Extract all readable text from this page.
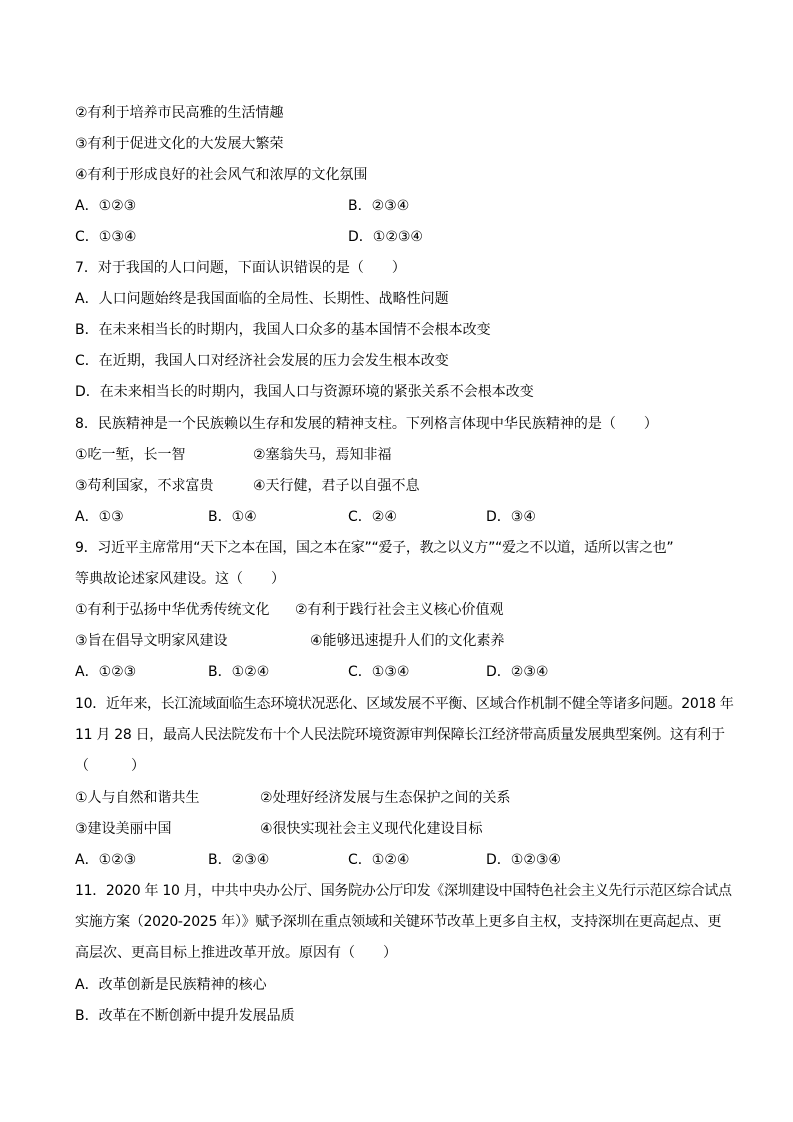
②有利于培养市民高雅的生活情趣
③有利于促进文化的大发展大繁荣
④有利于形成良好的社会风气和浓厚的文化氛围
A．①②③	B．②③④
C．①③④	D．①②③④
7．对于我国的人口问题，下面认识错误的是（　　）
A．人口问题始终是我国面临的全局性、长期性、战略性问题
B．在未来相当长的时期内，我国人口众多的基本国情不会根本改变
C．在近期，我国人口对经济社会发展的压力会发生根本改变
D．在未来相当长的时期内，我国人口与资源环境的紧张关系不会根本改变
8．民族精神是一个民族赖以生存和发展的精神支柱。下列格言体现中华民族精神的是（　　）
①吃一堑，长一智	②塞翁失马，焉知非福
③苟利国家，不求富贵	④天行健，君子以自强不息
A．①③	B．①④	C．②④	D．③④
9．习近平主席常用“天下之本在国，国之本在家”“爱子，教之以义方”“爱之不以道，适所以害之也”
等典故论述家风建设。这（　　）
①有利于弘扬中华优秀传统文化 ②有利于践行社会主义核心价值观
③旨在倡导文明家风建设	④能够迅速提升人们的文化素养
A．①②③	B．①②④	C．①③④	D．②③④
10．近年来，长江流域面临生态环境状况恶化、区域发展不平衡、区域合作机制不健全等诸多问题。2018 年
11 月 28 日，最高人民法院发布十个人民法院环境资源审判保障长江经济带高质量发展典型案例。这有利于
（　　　）
①人与自然和谐共生	②处理好经济发展与生态保护之间的关系
③建设美丽中国	④很快实现社会主义现代化建设目标
A．①②③	B．②③④	C．①②④	D．①②③④
11．2020 年 10 月，中共中央办公厅、国务院办公厅印发《深圳建设中国特色社会主义先行示范区综合试点
实施方案（2020-2025 年）》赋予深圳在重点领域和关键环节改革上更多自主权，支持深圳在更高起点、更
高层次、更高目标上推进改革开放。原因有（　　）
A．改革创新是民族精神的核心
B．改革在不断创新中提升发展品质
